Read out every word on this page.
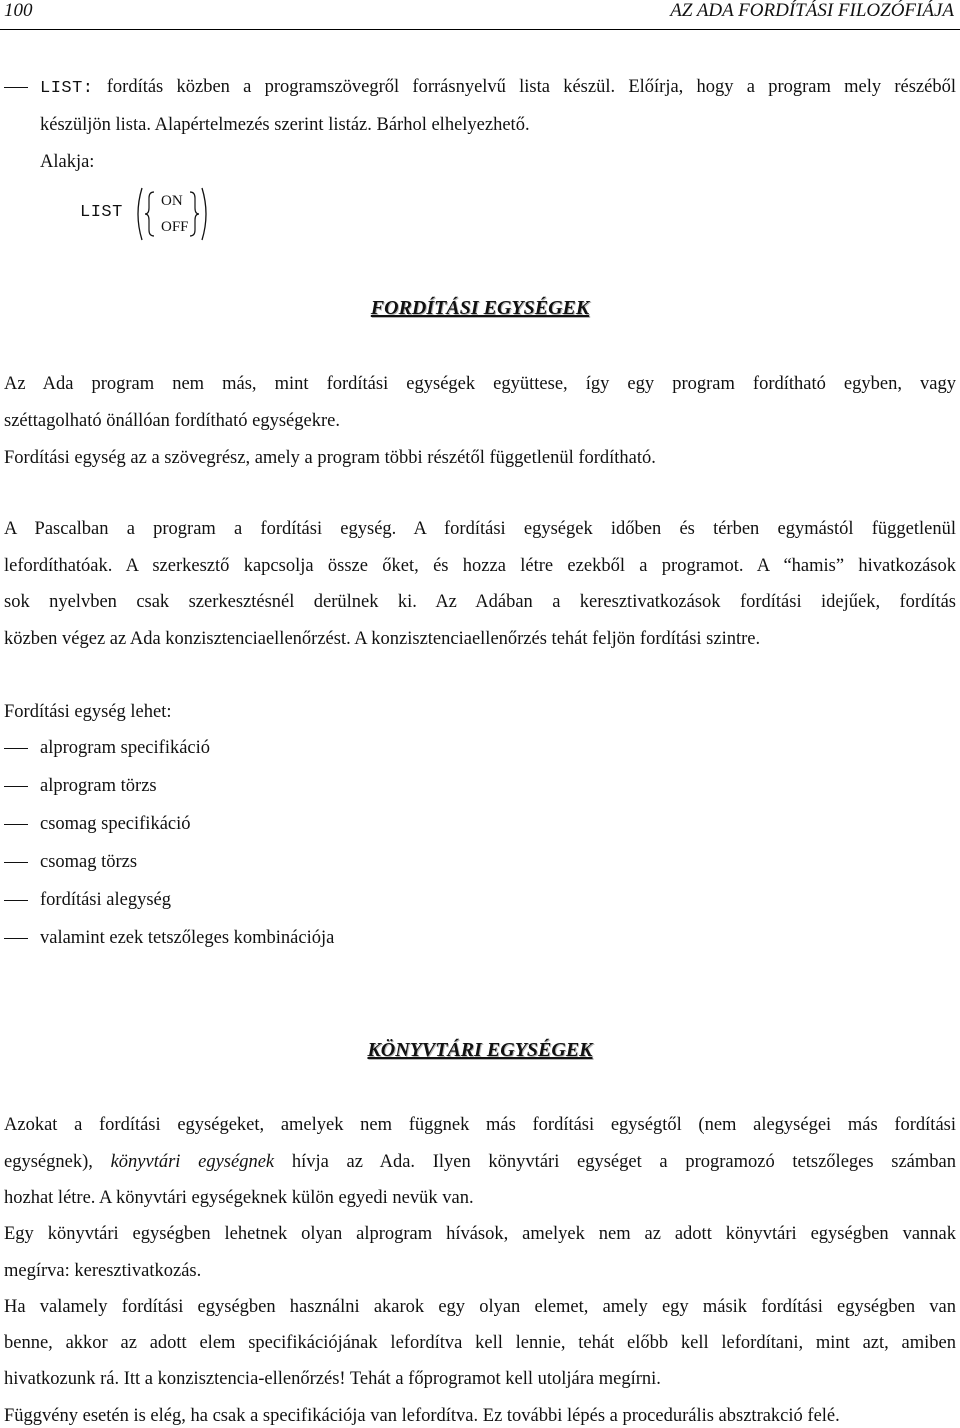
100	AZ ADA FORDÍTÁSI FILOZÓFIÁJA
LIST: fordítás közben a programszövegről forrásnyelvű lista készül. Előírja, hogy a program mely részéből
készüljön lista. Alapértelmezés szerint listáz. Bárhol elhelyezhető.
Alakja:
LIST
ON
OFF
FORDÍTÁSI EGYSÉGEK
Az Ada program nem más, mint fordítási egységek együttese, így egy program fordítható egyben, vagy
széttagolható önállóan fordítható egységekre.
Fordítási egység az a szövegrész, amely a program többi részétől függetlenül fordítható.
A Pascalban a program a fordítási egység. A fordítási egységek időben és térben egymástól függetlenül
lefordíthatóak. A szerkesztő kapcsolja össze őket, és hozza létre ezekből a programot. A “hamis” hivatkozások
sok nyelvben csak szerkesztésnél derülnek ki. Az Adában a keresztivatkozások fordítási idejűek, fordítás
közben végez az Ada konzisztenciaellenőrzést. A konzisztenciaellenőrzés tehát feljön fordítási szintre.
Fordítási egység lehet:
alprogram specifikáció
alprogram törzs
csomag specifikáció
csomag törzs
fordítási alegység
valamint ezek tetszőleges kombinációja
KÖNYVTÁRI EGYSÉGEK
Azokat a fordítási egységeket, amelyek nem függnek más fordítási egységtől (nem alegységei más fordítási
egységnek), könyvtári egységnek hívja az Ada. Ilyen könyvtári egységet a programozó tetszőleges számban
hozhat létre. A könyvtári egységeknek külön egyedi nevük van.
Egy könyvtári egységben lehetnek olyan alprogram hívások, amelyek nem az adott könyvtári egységben vannak
megírva: keresztivatkozás.
Ha valamely fordítási egységben használni akarok egy olyan elemet, amely egy másik fordítási egységben van
benne, akkor az adott elem specifikációjának lefordítva kell lennie, tehát előbb kell lefordítani, mint azt, amiben
hivatkozunk rá. Itt a konzisztencia-ellenőrzés! Tehát a főprogramot kell utoljára megírni.
Függvény esetén is elég, ha csak a specifikációja van lefordítva. Ez további lépés a procedurális absztrakció felé.
